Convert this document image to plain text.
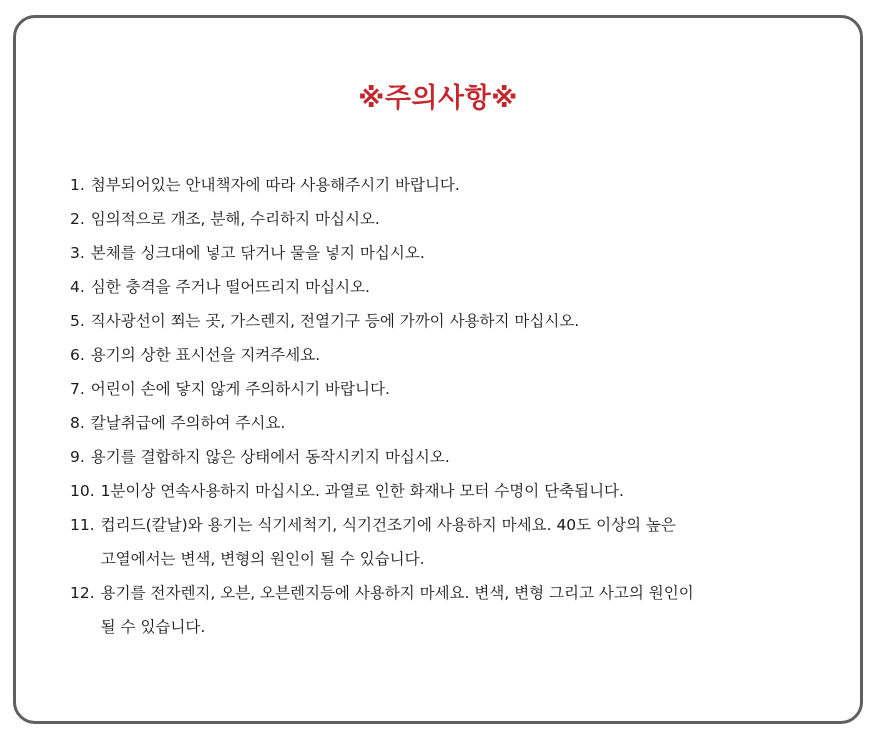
※주의사항※
1. 첨부되어있는 안내책자에 따라 사용해주시기 바랍니다.
2. 임의적으로 개조, 분해, 수리하지 마십시오.
3. 본체를 싱크대에 넣고 닦거나 물을 넣지 마십시오.
4. 심한 충격을 주거나 떨어뜨리지 마십시오.
5. 직사광선이 쬐는 곳, 가스렌지, 전열기구 등에 가까이 사용하지 마십시오.
6. 용기의 상한 표시선을 지켜주세요.
7. 어린이 손에 닿지 않게 주의하시기 바랍니다.
8. 칼날취급에 주의하여 주시요.
9. 용기를 결합하지 않은 상태에서 동작시키지 마십시오.
10. 1분이상 연속사용하지 마십시오. 과열로 인한 화재나 모터 수명이 단축됩니다.
11. 컵리드(칼날)와 용기는 식기세척기, 식기건조기에 사용하지 마세요. 40도 이상의 높은
고열에서는 변색, 변형의 원인이 될 수 있습니다.
12. 용기를 전자렌지, 오븐, 오븐렌지등에 사용하지 마세요. 변색, 변형 그리고 사고의 원인이
될 수 있습니다.
